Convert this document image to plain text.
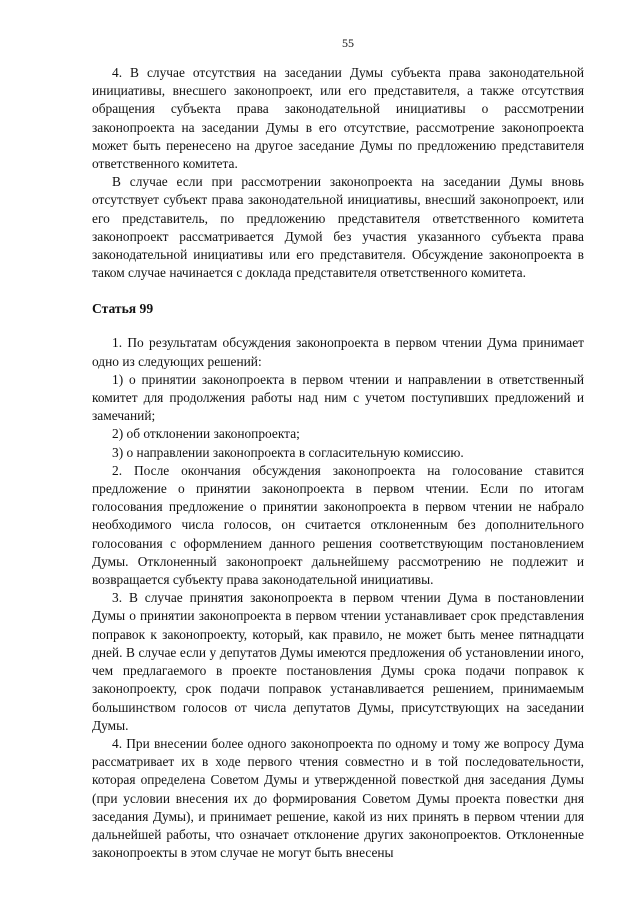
55

4. В случае отсутствия на заседании Думы субъекта права законодательной инициативы, внесшего законопроект, или его представителя, а также отсутствия обращения субъекта права законодательной инициативы о рассмотрении законопроекта на заседании Думы в его отсутствие, рассмотрение законопроекта может быть перенесено на другое заседание Думы по предложению представителя ответственного комитета.

В случае если при рассмотрении законопроекта на заседании Думы вновь отсутствует субъект права законодательной инициативы, внесший законопроект, или его представитель, по предложению представителя ответственного комитета законопроект рассматривается Думой без участия указанного субъекта права законодательной инициативы или его представителя. Обсуждение законопроекта в таком случае начинается с доклада представителя ответственного комитета.

Статья 99

1. По результатам обсуждения законопроекта в первом чтении Дума принимает одно из следующих решений:

1) о принятии законопроекта в первом чтении и направлении в ответственный комитет для продолжения работы над ним с учетом поступивших предложений и замечаний;

2) об отклонении законопроекта;

3) о направлении законопроекта в согласительную комиссию.

2. После окончания обсуждения законопроекта на голосование ставится предложение о принятии законопроекта в первом чтении. Если по итогам голосования предложение о принятии законопроекта в первом чтении не набрало необходимого числа голосов, он считается отклоненным без дополнительного голосования с оформлением данного решения соответствующим постановлением Думы. Отклоненный законопроект дальнейшему рассмотрению не подлежит и возвращается субъекту права законодательной инициативы.

3. В случае принятия законопроекта в первом чтении Дума в постановлении Думы о принятии законопроекта в первом чтении устанавливает срок представления поправок к законопроекту, который, как правило, не может быть менее пятнадцати дней. В случае если у депутатов Думы имеются предложения об установлении иного, чем предлагаемого в проекте постановления Думы срока подачи поправок к законопроекту, срок подачи поправок устанавливается решением, принимаемым большинством голосов от числа депутатов Думы, присутствующих на заседании Думы.

4. При внесении более одного законопроекта по одному и тому же вопросу Дума рассматривает их в ходе первого чтения совместно и в той последовательности, которая определена Советом Думы и утвержденной повесткой дня заседания Думы (при условии внесения их до формирования Советом Думы проекта повестки дня заседания Думы), и принимает решение, какой из них принять в первом чтении для дальнейшей работы, что означает отклонение других законопроектов. Отклоненные законопроекты в этом случае не могут быть внесены
